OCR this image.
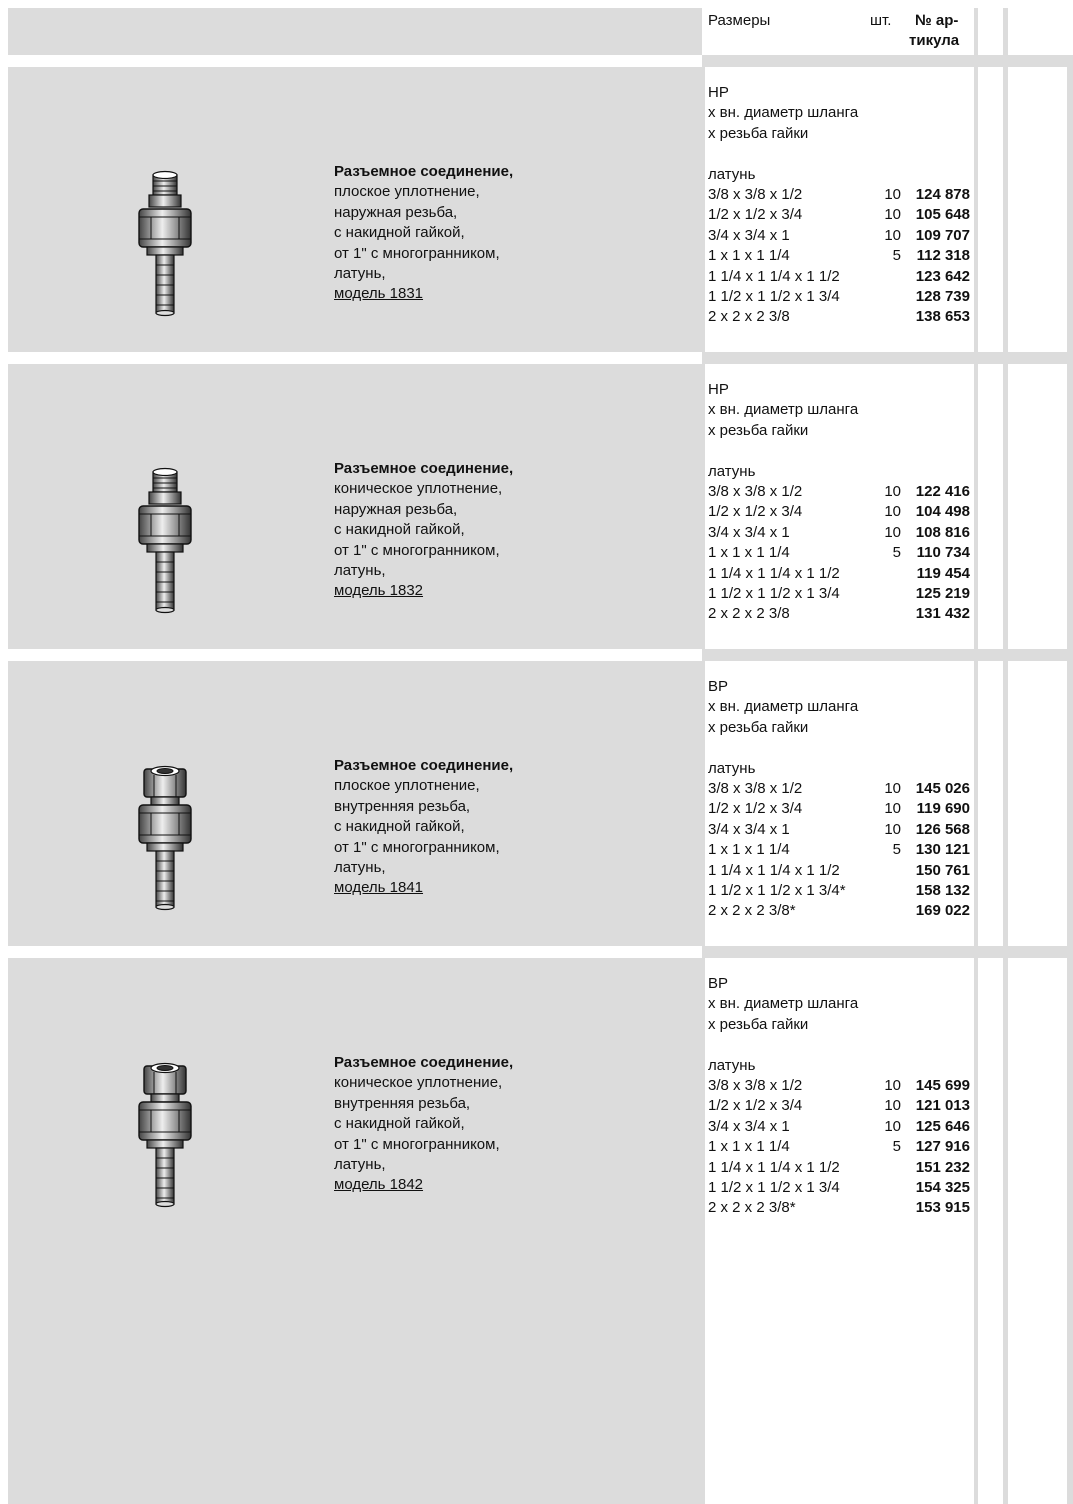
Размеры	шт. № ар-
тикула
Разъемное соединение,
плоское уплотнение,
наружная резьба,
с накидной гайкой,
от 1" с многогранником,
латунь,
модель 1831
НР
x вн. диаметр шланга
x резьба гайки

латунь
3/8 x 3/8 x 1/2	10 124 878
1/2 x 1/2 x 3/4	10 105 648
3/4 x 3/4 x 1	10 109 707
1 x 1 x 1 1/4	5 112 318
1 1/4 x 1 1/4 x 1 1/2	123 642
1 1/2 x 1 1/2 x 1 3/4	128 739
2 x 2 x 2 3/8	138 653
Разъемное соединение,
коническое уплотнение,
наружная резьба,
с накидной гайкой,
от 1" с многогранником,
латунь,
модель 1832
НР
x вн. диаметр шланга
x резьба гайки

латунь
3/8 x 3/8 x 1/2	10 122 416
1/2 x 1/2 x 3/4	10 104 498
3/4 x 3/4 x 1	10 108 816
1 x 1 x 1 1/4	5 110 734
1 1/4 x 1 1/4 x 1 1/2	119 454
1 1/2 x 1 1/2 x 1 3/4	125 219
2 x 2 x 2 3/8	131 432
Разъемное соединение,
плоское уплотнение,
внутренняя резьба,
с накидной гайкой,
от 1" с многогранником,
латунь,
модель 1841
ВР
x вн. диаметр шланга
x резьба гайки

латунь
3/8 x 3/8 x 1/2	10 145 026
1/2 x 1/2 x 3/4	10 119 690
3/4 x 3/4 x 1	10 126 568
1 x 1 x 1 1/4	5 130 121
1 1/4 x 1 1/4 x 1 1/2	150 761
1 1/2 x 1 1/2 x 1 3/4*	158 132
2 x 2 x 2 3/8*	169 022
Разъемное соединение,
коническое уплотнение,
внутренняя резьба,
с накидной гайкой,
от 1" с многогранником,
латунь,
модель 1842
ВР
x вн. диаметр шланга
x резьба гайки

латунь
3/8 x 3/8 x 1/2	10 145 699
1/2 x 1/2 x 3/4	10 121 013
3/4 x 3/4 x 1	10 125 646
1 x 1 x 1 1/4	5 127 916
1 1/4 x 1 1/4 x 1 1/2	151 232
1 1/2 x 1 1/2 x 1 3/4	154 325
2 x 2 x 2 3/8*	153 915
